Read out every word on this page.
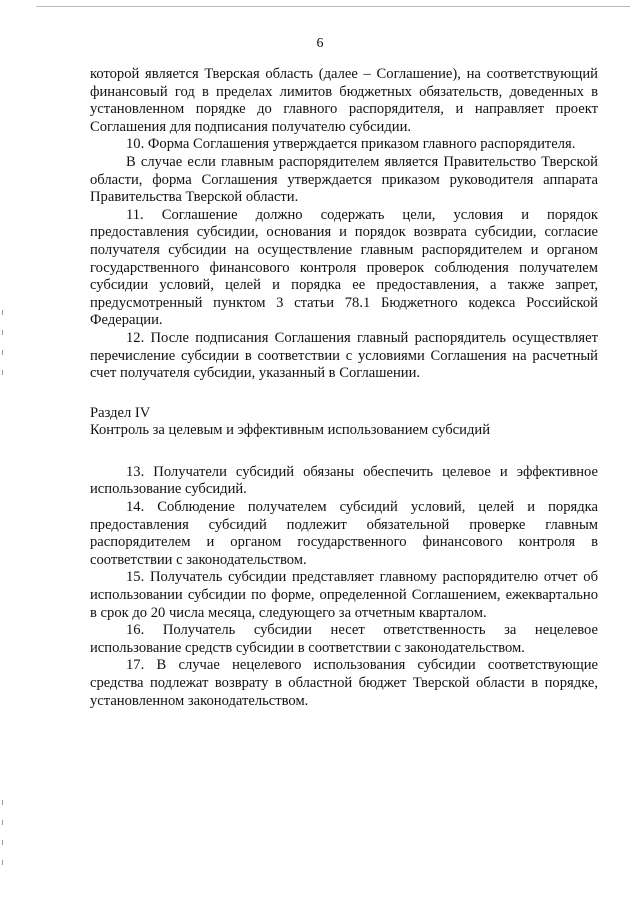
6

которой является Тверская область (далее – Соглашение), на соответствующий финансовый год в пределах лимитов бюджетных обязательств, доведенных в установленном порядке до главного распорядителя, и направляет проект Соглашения для подписания получателю субсидии.

10. Форма Соглашения утверждается приказом главного распорядителя.

В случае если главным распорядителем является Правительство Тверской области, форма Соглашения утверждается приказом руководителя аппарата Правительства Тверской области.

11. Соглашение должно содержать цели, условия и порядок предоставления субсидии, основания и порядок возврата субсидии, согласие получателя субсидии на осуществление главным распорядителем и органом государственного финансового контроля проверок соблюдения получателем субсидии условий, целей и порядка ее предоставления, а также запрет, предусмотренный пунктом 3 статьи 78.1 Бюджетного кодекса Российской Федерации.

12. После подписания Соглашения главный распорядитель осуществляет перечисление субсидии в соответствии с условиями Соглашения на расчетный счет получателя субсидии, указанный в Соглашении.

Раздел IV

Контроль за целевым и эффективным использованием субсидий

13. Получатели субсидий обязаны обеспечить целевое и эффективное использование субсидий.

14. Соблюдение получателем субсидий условий, целей и порядка предоставления субсидий подлежит обязательной проверке главным распорядителем и органом государственного финансового контроля в соответствии с законодательством.

15. Получатель субсидии представляет главному распорядителю отчет об использовании субсидии по форме, определенной Соглашением, ежеквартально в срок до 20 числа месяца, следующего за отчетным кварталом.

16. Получатель субсидии несет ответственность за нецелевое использование средств субсидии в соответствии с законодательством.

17. В случае нецелевого использования субсидии соответствующие средства подлежат возврату в областной бюджет Тверской области в порядке, установленном законодательством.
